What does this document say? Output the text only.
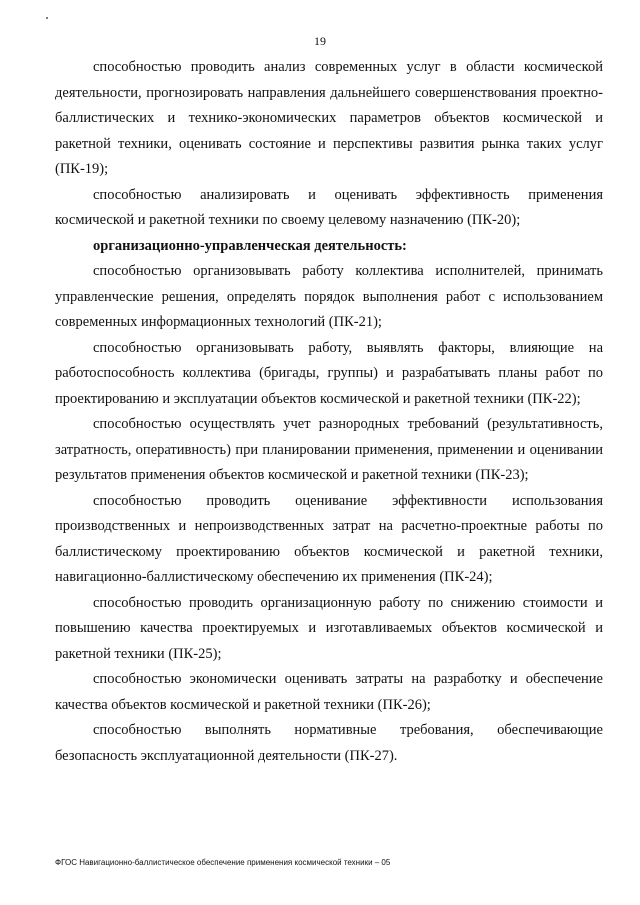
19

способностью проводить анализ современных услуг в области космической деятельности, прогнозировать направления дальнейшего совершенствования проектно-баллистических и технико-экономических параметров объектов космической и ракетной техники, оценивать состояние и перспективы развития рынка таких услуг (ПК-19);

способностью анализировать и оценивать эффективность применения космической и ракетной техники по своему целевому назначению (ПК-20);

организационно-управленческая деятельность:

способностью организовывать работу коллектива исполнителей, принимать управленческие решения, определять порядок выполнения работ с использованием современных информационных технологий (ПК-21);

способностью организовывать работу, выявлять факторы, влияющие на работоспособность коллектива (бригады, группы) и разрабатывать планы работ по проектированию и эксплуатации объектов космической и ракетной техники (ПК-22);

способностью осуществлять учет разнородных требований (результативность, затратность, оперативность) при планировании применения, применении и оценивании результатов применения объектов космической и ракетной техники (ПК-23);

способностью проводить оценивание эффективности использования производственных и непроизводственных затрат на расчетно-проектные работы по баллистическому проектированию объектов космической и ракетной техники, навигационно-баллистическому обеспечению их применения (ПК-24);

способностью проводить организационную работу по снижению стоимости и повышению качества проектируемых и изготавливаемых объектов космической и ракетной техники (ПК-25);

способностью экономически оценивать затраты на разработку и обеспечение качества объектов космической и ракетной техники (ПК-26);

способностью выполнять нормативные требования, обеспечивающие безопасность эксплуатационной деятельности (ПК-27).

ФГОС Навигационно-баллистическое обеспечение применения космической техники – 05
